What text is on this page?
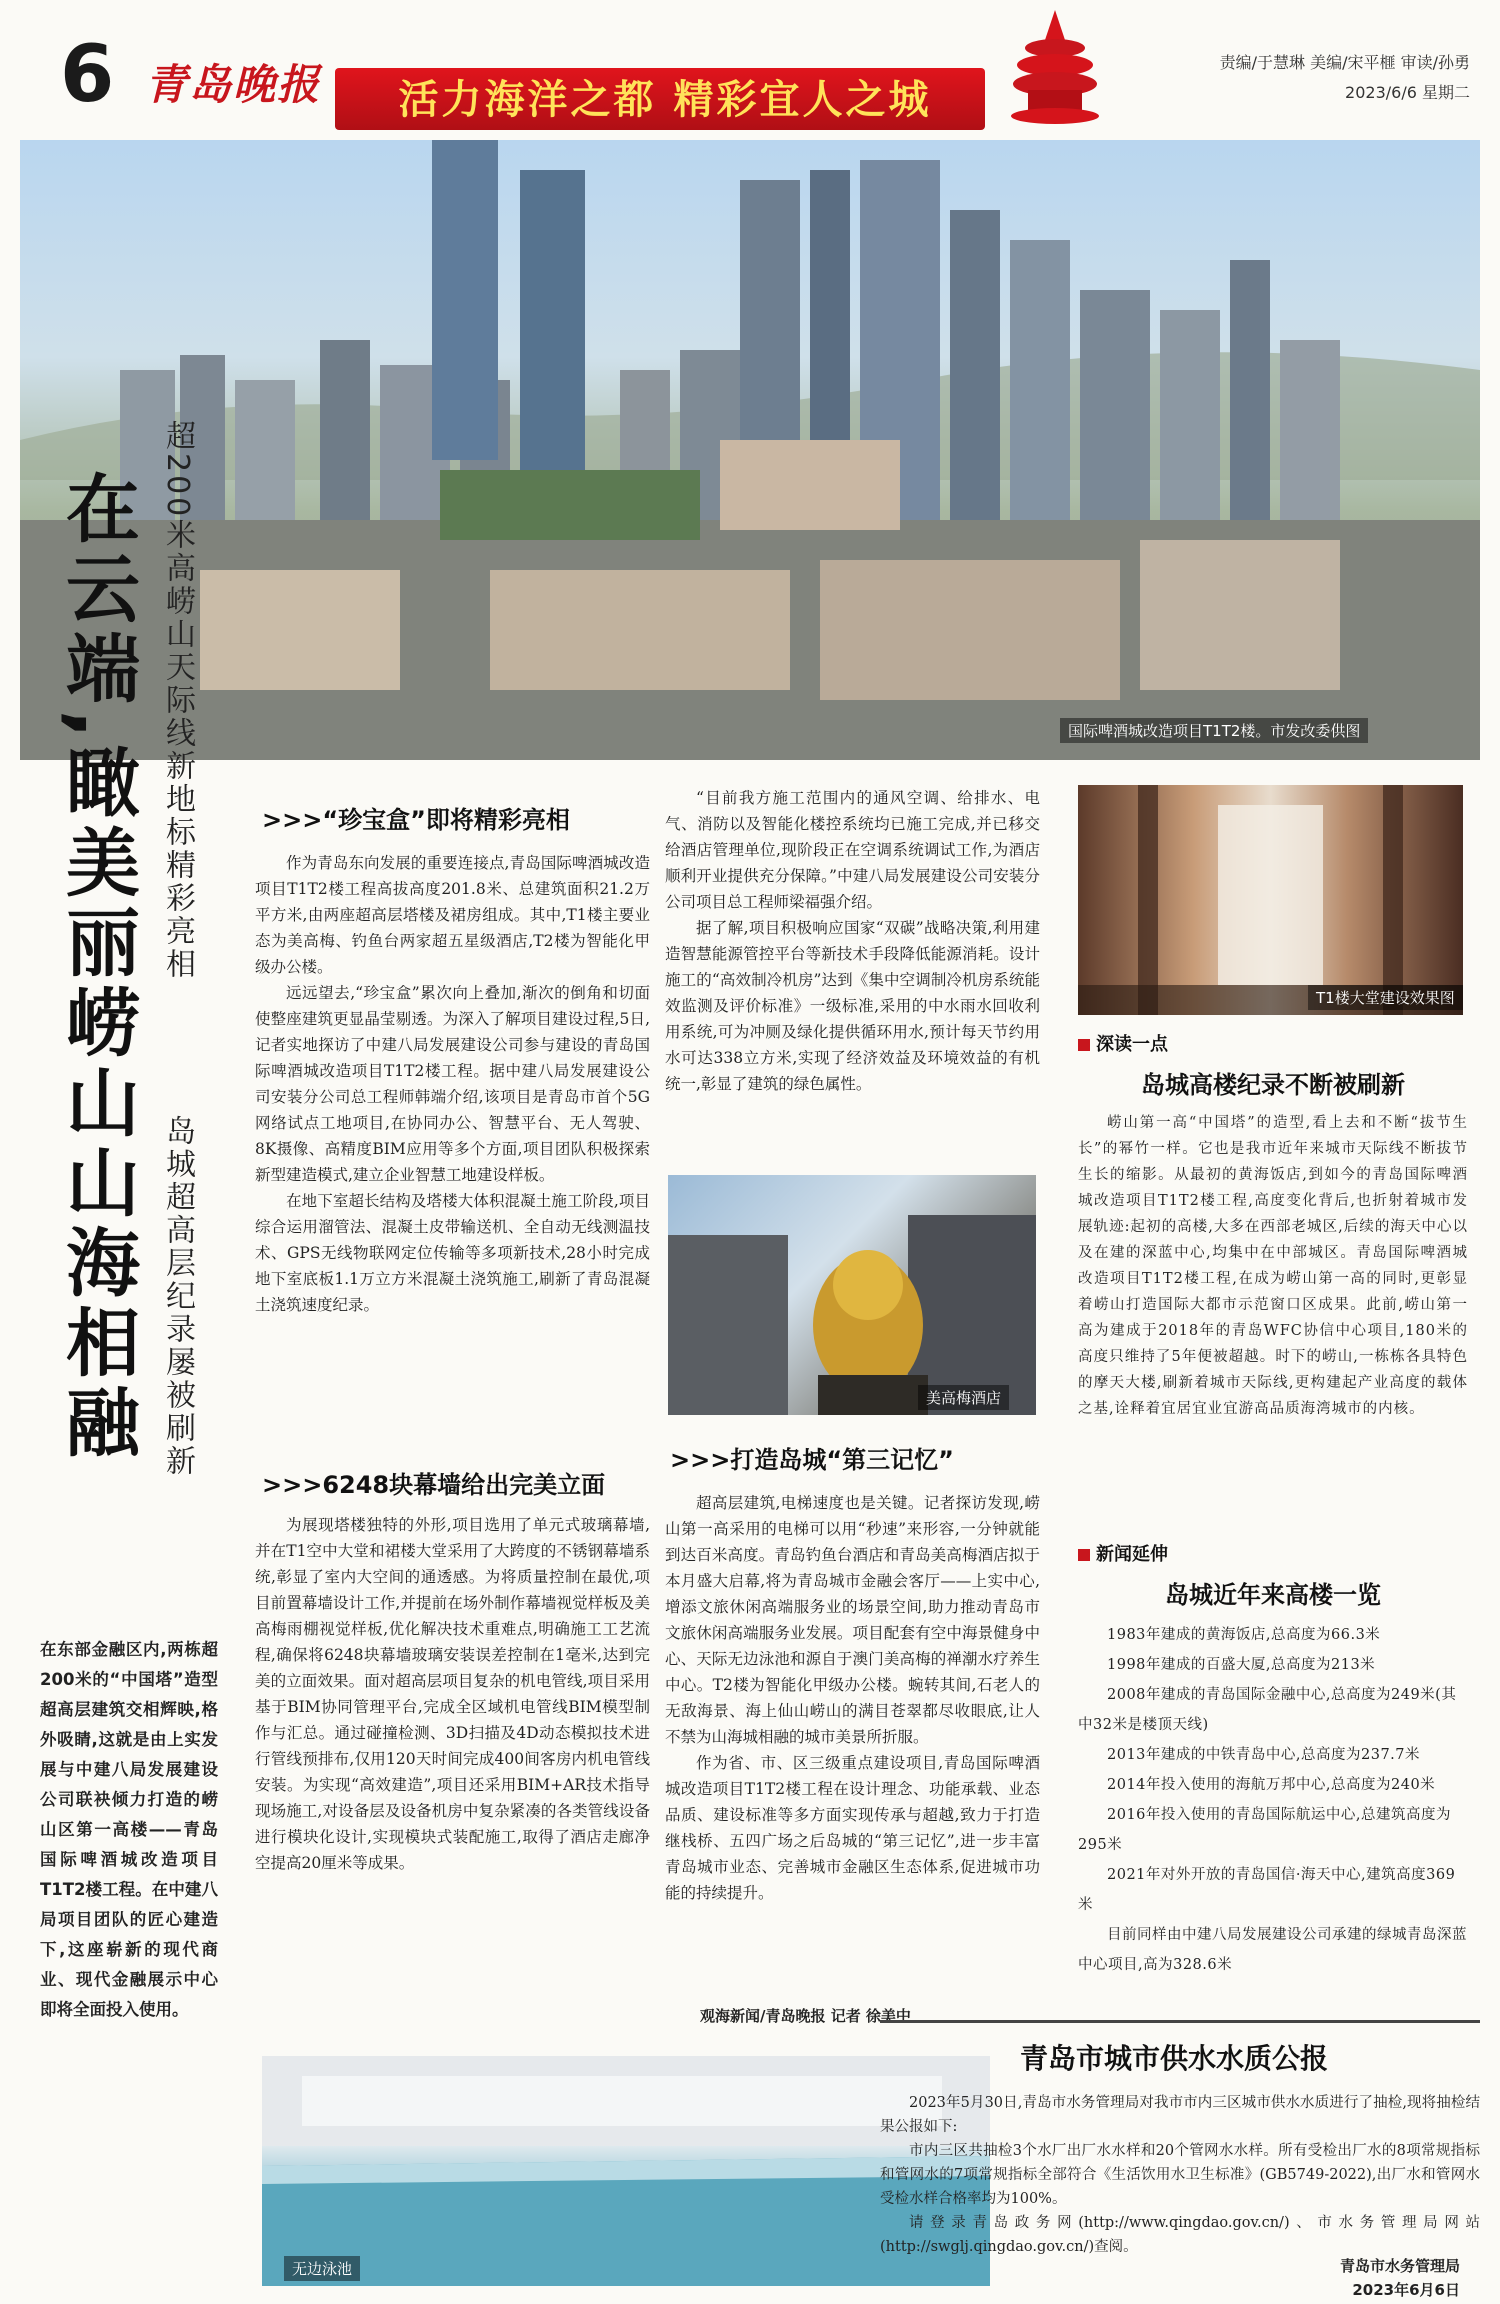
6 青岛晚报	活力海洋之都 精彩宜人之城
责编/于慧琳 美编/宋平榧 审读/孙勇
2023/6/6 星期二
国际啤酒城改造项目T1T2楼。市发改委供图
在云端,瞰美丽崂山山海相融 超200米高崂山天际线新地标精彩亮相
岛城超高层纪录屡被刷新
在东部金融区内,两栋超200米的“中国塔”造型超高层建筑交相辉映,格外吸睛,这就是由上实发展与中建八局发展建设公司联袂倾力打造的崂山区第一高楼——青岛国际啤酒城改造项目T1T2楼工程。在中建八局项目团队的匠心建造下,这座崭新的现代商业、现代金融展示中心即将全面投入使用。
>>>“珍宝盒”即将精彩亮相

作为青岛东向发展的重要连接点,青岛国际啤酒城改造项目T1T2楼工程高拔高度201.8米、总建筑面积21.2万平方米,由两座超高层塔楼及裙房组成。其中,T1楼主要业态为美高梅、钓鱼台两家超五星级酒店,T2楼为智能化甲级办公楼。

远远望去,“珍宝盒”累次向上叠加,渐次的倒角和切面使整座建筑更显晶莹剔透。为深入了解项目建设过程,5日,记者实地探访了中建八局发展建设公司参与建设的青岛国际啤酒城改造项目T1T2楼工程。据中建八局发展建设公司安装分公司总工程师韩端介绍,该项目是青岛市首个5G网络试点工地项目,在协同办公、智慧平台、无人驾驶、8K摄像、高精度BIM应用等多个方面,项目团队积极探索新型建造模式,建立企业智慧工地建设样板。

在地下室超长结构及塔楼大体积混凝土施工阶段,项目综合运用溜管法、混凝土皮带输送机、全自动无线测温技术、GPS无线物联网定位传输等多项新技术,28小时完成地下室底板1.1万立方米混凝土浇筑施工,刷新了青岛混凝土浇筑速度纪录。

>>>6248块幕墙给出完美立面

为展现塔楼独特的外形,项目选用了单元式玻璃幕墙,并在T1空中大堂和裙楼大堂采用了大跨度的不锈钢幕墙系统,彰显了室内大空间的通透感。为将质量控制在最优,项目前置幕墙设计工作,并提前在场外制作幕墙视觉样板及美高梅雨棚视觉样板,优化解决技术重难点,明确施工工艺流程,确保将6248块幕墙玻璃安装误差控制在1毫米,达到完美的立面效果。面对超高层项目复杂的机电管线,项目采用基于BIM协同管理平台,完成全区域机电管线BIM模型制作与汇总。通过碰撞检测、3D扫描及4D动态模拟技术进行管线预排布,仅用120天时间完成400间客房内机电管线安装。为实现“高效建造”,项目还采用BIM+AR技术指导现场施工,对设备层及设备机房中复杂紧凑的各类管线设备进行模块化设计,实现模块式装配施工,取得了酒店走廊净空提高20厘米等成果。

“目前我方施工范围内的通风空调、给排水、电气、消防以及智能化楼控系统均已施工完成,并已移交给酒店管理单位,现阶段正在空调系统调试工作,为酒店顺利开业提供充分保障。”中建八局发展建设公司安装分公司项目总工程师梁福强介绍。

据了解,项目积极响应国家“双碳”战略决策,利用建造智慧能源管控平台等新技术手段降低能源消耗。设计施工的“高效制冷机房”达到《集中空调制冷机房系统能效监测及评价标准》一级标准,采用的中水雨水回收利用系统,可为冲厕及绿化提供循环用水,预计每天节约用水可达338立方米,实现了经济效益及环境效益的有机统一,彰显了建筑的绿色属性。

美高梅酒店
>>>打造岛城“第三记忆”

超高层建筑,电梯速度也是关键。记者探访发现,崂山第一高采用的电梯可以用“秒速”来形容,一分钟就能到达百米高度。青岛钓鱼台酒店和青岛美高梅酒店拟于本月盛大启幕,将为青岛城市金融会客厅——上实中心,增添文旅休闲高端服务业的场景空间,助力推动青岛市文旅休闲高端服务业发展。项目配套有空中海景健身中心、天际无边泳池和源自于澳门美高梅的禅潮水疗养生中心。T2楼为智能化甲级办公楼。蜿转其间,石老人的无敌海景、海上仙山崂山的满目苍翠都尽收眼底,让人不禁为山海城相融的城市美景所折服。

作为省、市、区三级重点建设项目,青岛国际啤酒城改造项目T1T2楼工程在设计理念、功能承载、业态品质、建设标准等多方面实现传承与超越,致力于打造继栈桥、五四广场之后岛城的“第三记忆”,进一步丰富青岛城市业态、完善城市金融区生态体系,促进城市功能的持续提升。

观海新闻/青岛晚报 记者 徐美中
T1楼大堂建设效果图
深读一点
岛城高楼纪录不断被刷新

崂山第一高“中国塔”的造型,看上去和不断“拔节生长”的幂竹一样。它也是我市近年来城市天际线不断拔节生长的缩影。从最初的黄海饭店,到如今的青岛国际啤酒城改造项目T1T2楼工程,高度变化背后,也折射着城市发展轨迹:起初的高楼,大多在西部老城区,后续的海天中心以及在建的深蓝中心,均集中在中部城区。青岛国际啤酒城改造项目T1T2楼工程,在成为崂山第一高的同时,更彰显着崂山打造国际大都市示范窗口区成果。此前,崂山第一高为建成于2018年的青岛WFC协信中心项目,180米的高度只维持了5年便被超越。时下的崂山,一栋栋各具特色的摩天大楼,刷新着城市天际线,更构建起产业高度的载体之基,诠释着宜居宜业宜游高品质海湾城市的内核。

新闻延伸
岛城近年来高楼一览

1983年建成的黄海饭店,总高度为66.3米

1998年建成的百盛大厦,总高度为213米

2008年建成的青岛国际金融中心,总高度为249米(其中32米是楼顶天线)

2013年建成的中铁青岛中心,总高度为237.7米

2014年投入使用的海航万邦中心,总高度为240米

2016年投入使用的青岛国际航运中心,总建筑高度为295米

2021年对外开放的青岛国信·海天中心,建筑高度369米

目前同样由中建八局发展建设公司承建的绿城青岛深蓝中心项目,高为328.6米

无边泳池
青岛市城市供水水质公报

2023年5月30日,青岛市水务管理局对我市市内三区城市供水水质进行了抽检,现将抽检结果公报如下:

市内三区共抽检3个水厂出厂水水样和20个管网水水样。所有受检出厂水的8项常规指标和管网水的7项常规指标全部符合《生活饮用水卫生标准》(GB5749-2022),出厂水和管网水受检水样合格率均为100%。

请登录青岛政务网(http://www.qingdao.gov.cn/)、市水务管理局网站(http://swglj.qingdao.gov.cn/)查阅。

青岛市水务管理局
2023年6月6日
